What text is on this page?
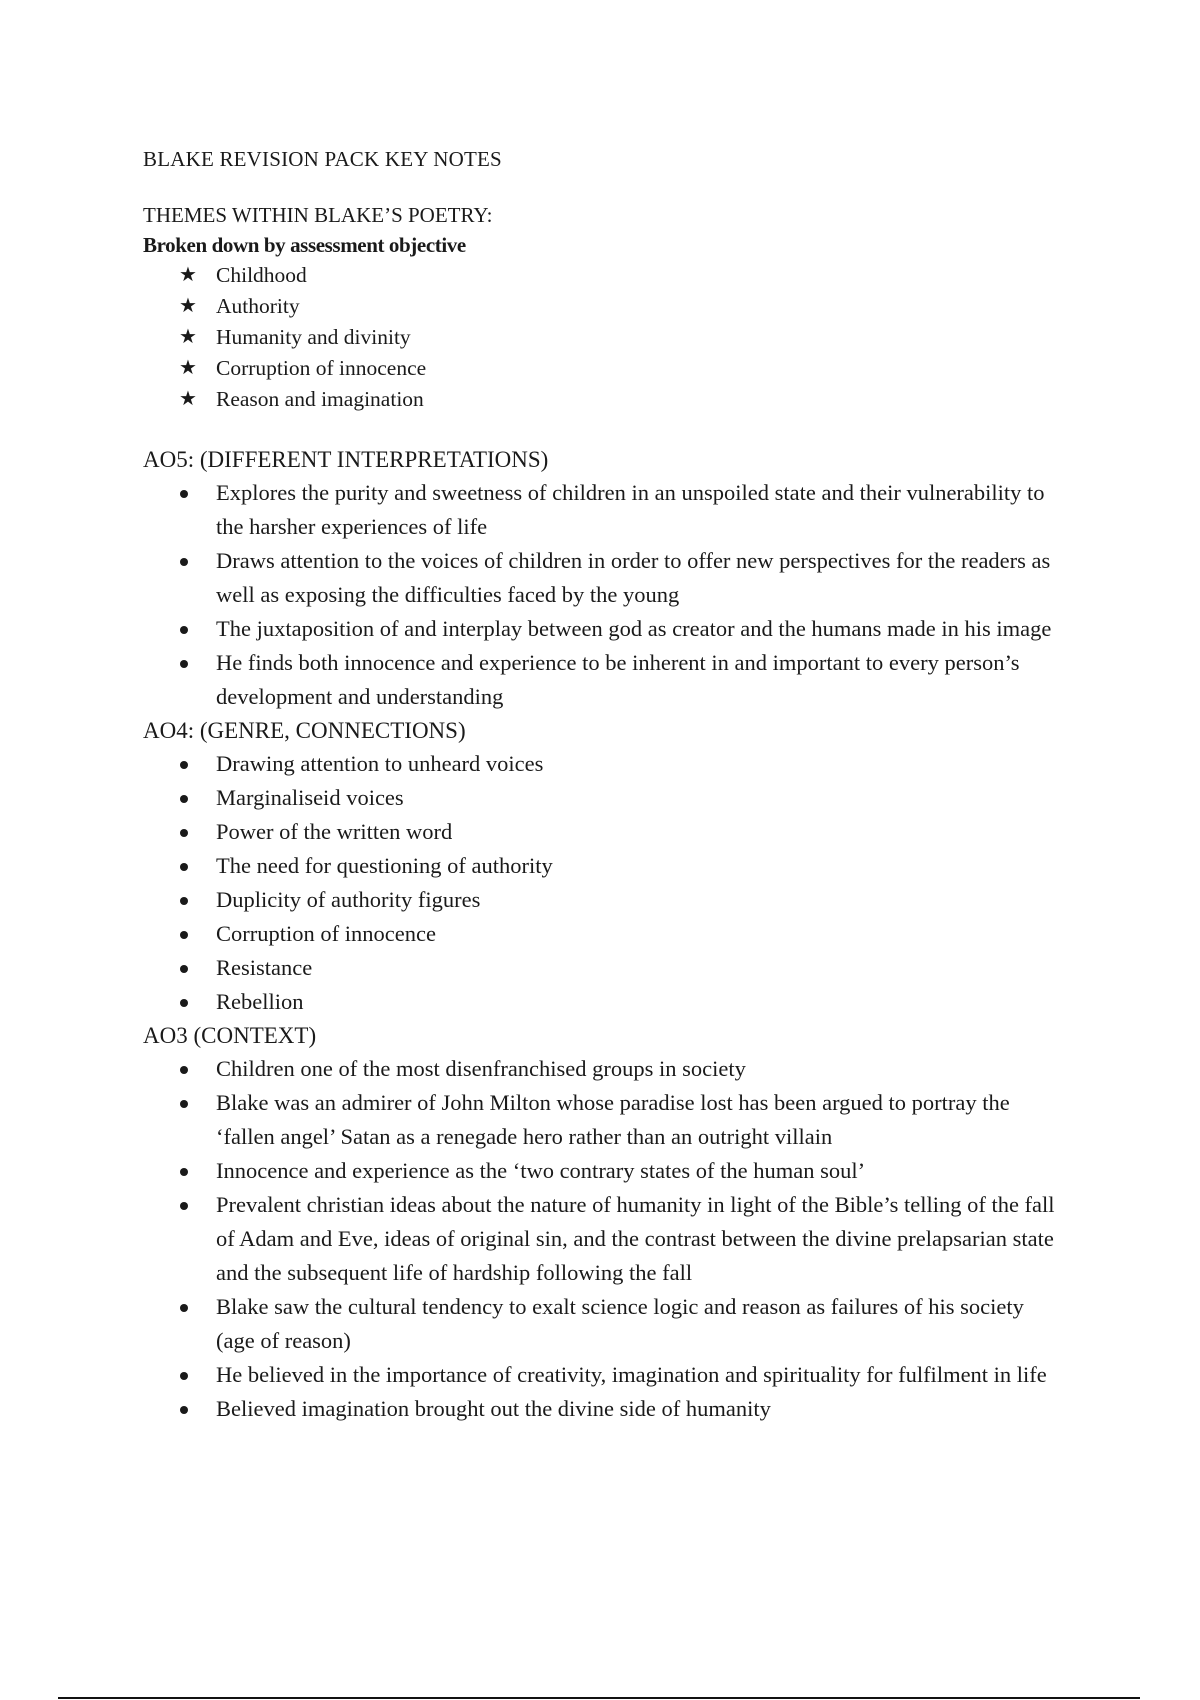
BLAKE REVISION PACK KEY NOTES

THEMES WITHIN BLAKE’S POETRY:

Broken down by assessment objective

★ Childhood
★ Authority
★ Humanity and divinity
★ Corruption of innocence
★ Reason and imagination

AO5: (DIFFERENT INTERPRETATIONS)

Explores the purity and sweetness of children in an unspoiled state and their vulnerability to the harsher experiences of life
Draws attention to the voices of children in order to offer new perspectives for the readers as well as exposing the difficulties faced by the young
The juxtaposition of and interplay between god as creator and the humans made in his image
He finds both innocence and experience to be inherent in and important to every person’s development and understanding

AO4: (GENRE, CONNECTIONS)

Drawing attention to unheard voices
Marginaliseid voices
Power of the written word
The need for questioning of authority
Duplicity of authority figures
Corruption of innocence
Resistance
Rebellion

AO3 (CONTEXT)

Children one of the most disenfranchised groups in society
Blake was an admirer of John Milton whose paradise lost has been argued to portray the ‘fallen angel’ Satan as a renegade hero rather than an outright villain
Innocence and experience as the ‘two contrary states of the human soul’
Prevalent christian ideas about the nature of humanity in light of the Bible’s telling of the fall of Adam and Eve, ideas of original sin, and the contrast between the divine prelapsarian state and the subsequent life of hardship following the fall
Blake saw the cultural tendency to exalt science logic and reason as failures of his society (age of reason)
He believed in the importance of creativity, imagination and spirituality for fulfilment in life
Believed imagination brought out the divine side of humanity
